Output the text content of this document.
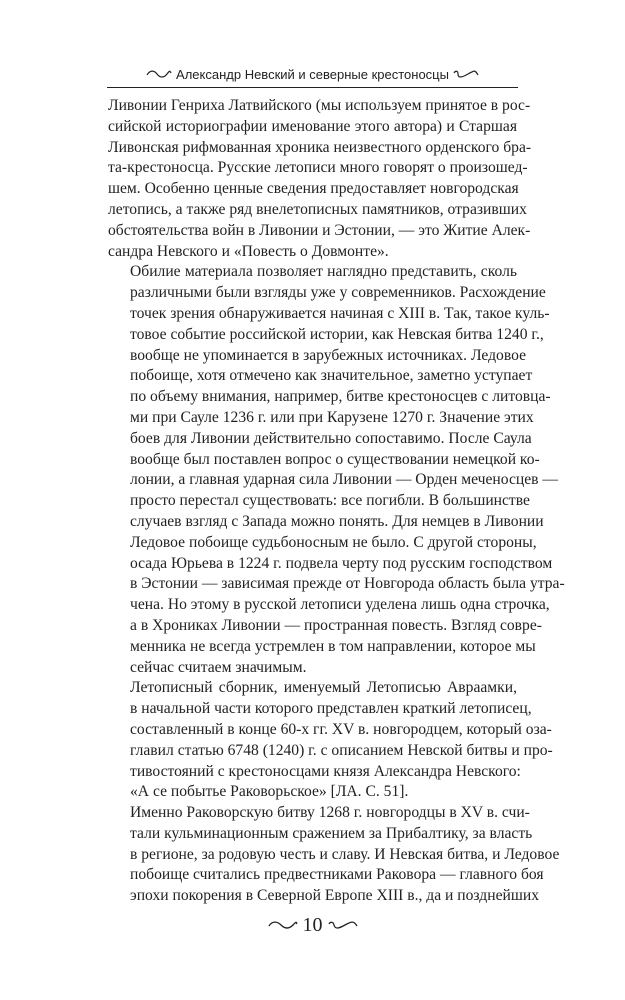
Александр Невский и северные крестоносцы

Ливонии Генриха Латвийского (мы используем принятое в рос-
сийской историографии именование этого автора) и Старшая
Ливонская рифмованная хроника неизвестного орденского бра-
та-крестоносца. Русские летописи много говорят о произошед-
шем. Особенно ценные сведения предоставляет новгородская
летопись, а также ряд внелетописных памятников, отразивших
обстоятельства войн в Ливонии и Эстонии, — это Житие Алек-
сандра Невского и «Повесть о Довмонте».

Обилие материала позволяет наглядно представить, сколь
различными были взгляды уже у современников. Расхождение
точек зрения обнаруживается начиная с XIII в. Так, такое куль-
товое событие российской истории, как Невская битва 1240 г.,
вообще не упоминается в зарубежных источниках. Ледовое
побоище, хотя отмечено как значительное, заметно уступает
по объему внимания, например, битве крестоносцев с литовца-
ми при Сауле 1236 г. или при Карузене 1270 г. Значение этих
боев для Ливонии действительно сопоставимо. После Саула
вообще был поставлен вопрос о существовании немецкой ко-
лонии, а главная ударная сила Ливонии — Орден меченосцев —
просто перестал существовать: все погибли. В большинстве
случаев взгляд с Запада можно понять. Для немцев в Ливонии
Ледовое побоище судьбоносным не было. С другой стороны,
осада Юрьева в 1224 г. подвела черту под русским господством
в Эстонии — зависимая прежде от Новгорода область была утра-
чена. Но этому в русской летописи уделена лишь одна строчка,
а в Хрониках Ливонии — пространная повесть. Взгляд совре-
менника не всегда устремлен в том направлении, которое мы
сейчас считаем значимым.

Летописный сборник, именуемый Летописью Авраамки,
в начальной части которого представлен краткий летописец,
составленный в конце 60-х гг. XV в. новгородцем, который оза-
главил статью 6748 (1240) г. с описанием Невской битвы и про-
тивостояний с крестоносцами князя Александра Невского:

«А се побытье Раковорьское» [ЛА. С. 51].

Именно Раковорскую битву 1268 г. новгородцы в XV в. счи-
тали кульминационным сражением за Прибалтику, за власть
в регионе, за родовую честь и славу. И Невская битва, и Ледовое
побоище считались предвестниками Раковора — главного боя
эпохи покорения в Северной Европе XIII в., да и позднейших

10
